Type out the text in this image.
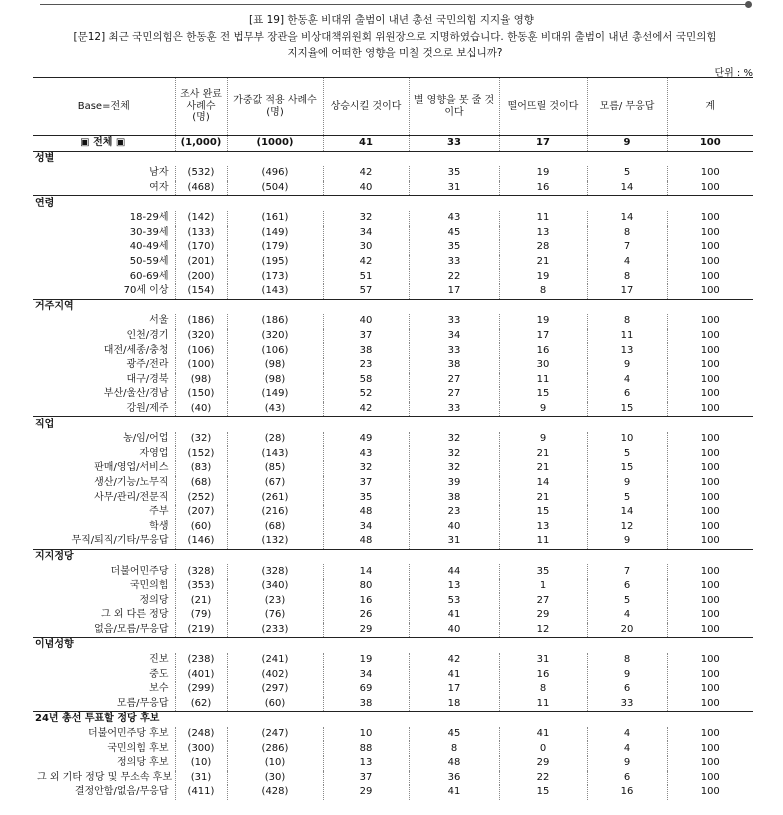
[표 19] 한동훈 비대위 출범이 내년 총선 국민의힘 지지율 영향
[문12] 최근 국민의힘은 한동훈 전 법무부 장관을 비상대책위원회 위원장으로 지명하였습니다. 한동훈 비대위 출범이 내년 총선에서 국민의힘
지지율에 어떠한 영향을 미칠 것으로 보십니까?
단위 : %
Base=전체	조사 완료 사례수 (명)	가중값 적용 사례수 (명)	상승시킬 것이다	별 영향을 못 줄 것이다	떨어뜨릴 것이다	모름/ 무응답	계
▣ 전체 ▣	(1,000)	(1000)	41	33	17	9	100
성별							
남자	(532)	(496)	42	35	19	5	100
여자	(468)	(504)	40	31	16	14	100
연령							
18-29세	(142)	(161)	32	43	11	14	100
30-39세	(133)	(149)	34	45	13	8	100
40-49세	(170)	(179)	30	35	28	7	100
50-59세	(201)	(195)	42	33	21	4	100
60-69세	(200)	(173)	51	22	19	8	100
70세 이상	(154)	(143)	57	17	8	17	100
거주지역							
서울	(186)	(186)	40	33	19	8	100
인천/경기	(320)	(320)	37	34	17	11	100
대전/세종/충청	(106)	(106)	38	33	16	13	100
광주/전라	(100)	(98)	23	38	30	9	100
대구/경북	(98)	(98)	58	27	11	4	100
부산/울산/경남	(150)	(149)	52	27	15	6	100
강원/제주	(40)	(43)	42	33	9	15	100
직업							
농/임/어업	(32)	(28)	49	32	9	10	100
자영업	(152)	(143)	43	32	21	5	100
판매/영업/서비스	(83)	(85)	32	32	21	15	100
생산/기능/노무직	(68)	(67)	37	39	14	9	100
사무/관리/전문직	(252)	(261)	35	38	21	5	100
주부	(207)	(216)	48	23	15	14	100
학생	(60)	(68)	34	40	13	12	100
무직/퇴직/기타/무응답	(146)	(132)	48	31	11	9	100
지지정당							
더불어민주당	(328)	(328)	14	44	35	7	100
국민의힘	(353)	(340)	80	13	1	6	100
정의당	(21)	(23)	16	53	27	5	100
그 외 다른 정당	(79)	(76)	26	41	29	4	100
없음/모름/무응답	(219)	(233)	29	40	12	20	100
이념성향							
진보	(238)	(241)	19	42	31	8	100
중도	(401)	(402)	34	41	16	9	100
보수	(299)	(297)	69	17	8	6	100
모름/무응답	(62)	(60)	38	18	11	33	100
24년 총선 투표할 정당 후보							
더불어민주당 후보	(248)	(247)	10	45	41	4	100
국민의힘 후보	(300)	(286)	88	8	0	4	100
정의당 후보	(10)	(10)	13	48	29	9	100
그 외 기타 정당 및 무소속 후보	(31)	(30)	37	36	22	6	100
결정안함/없음/무응답	(411)	(428)	29	41	15	16	100
